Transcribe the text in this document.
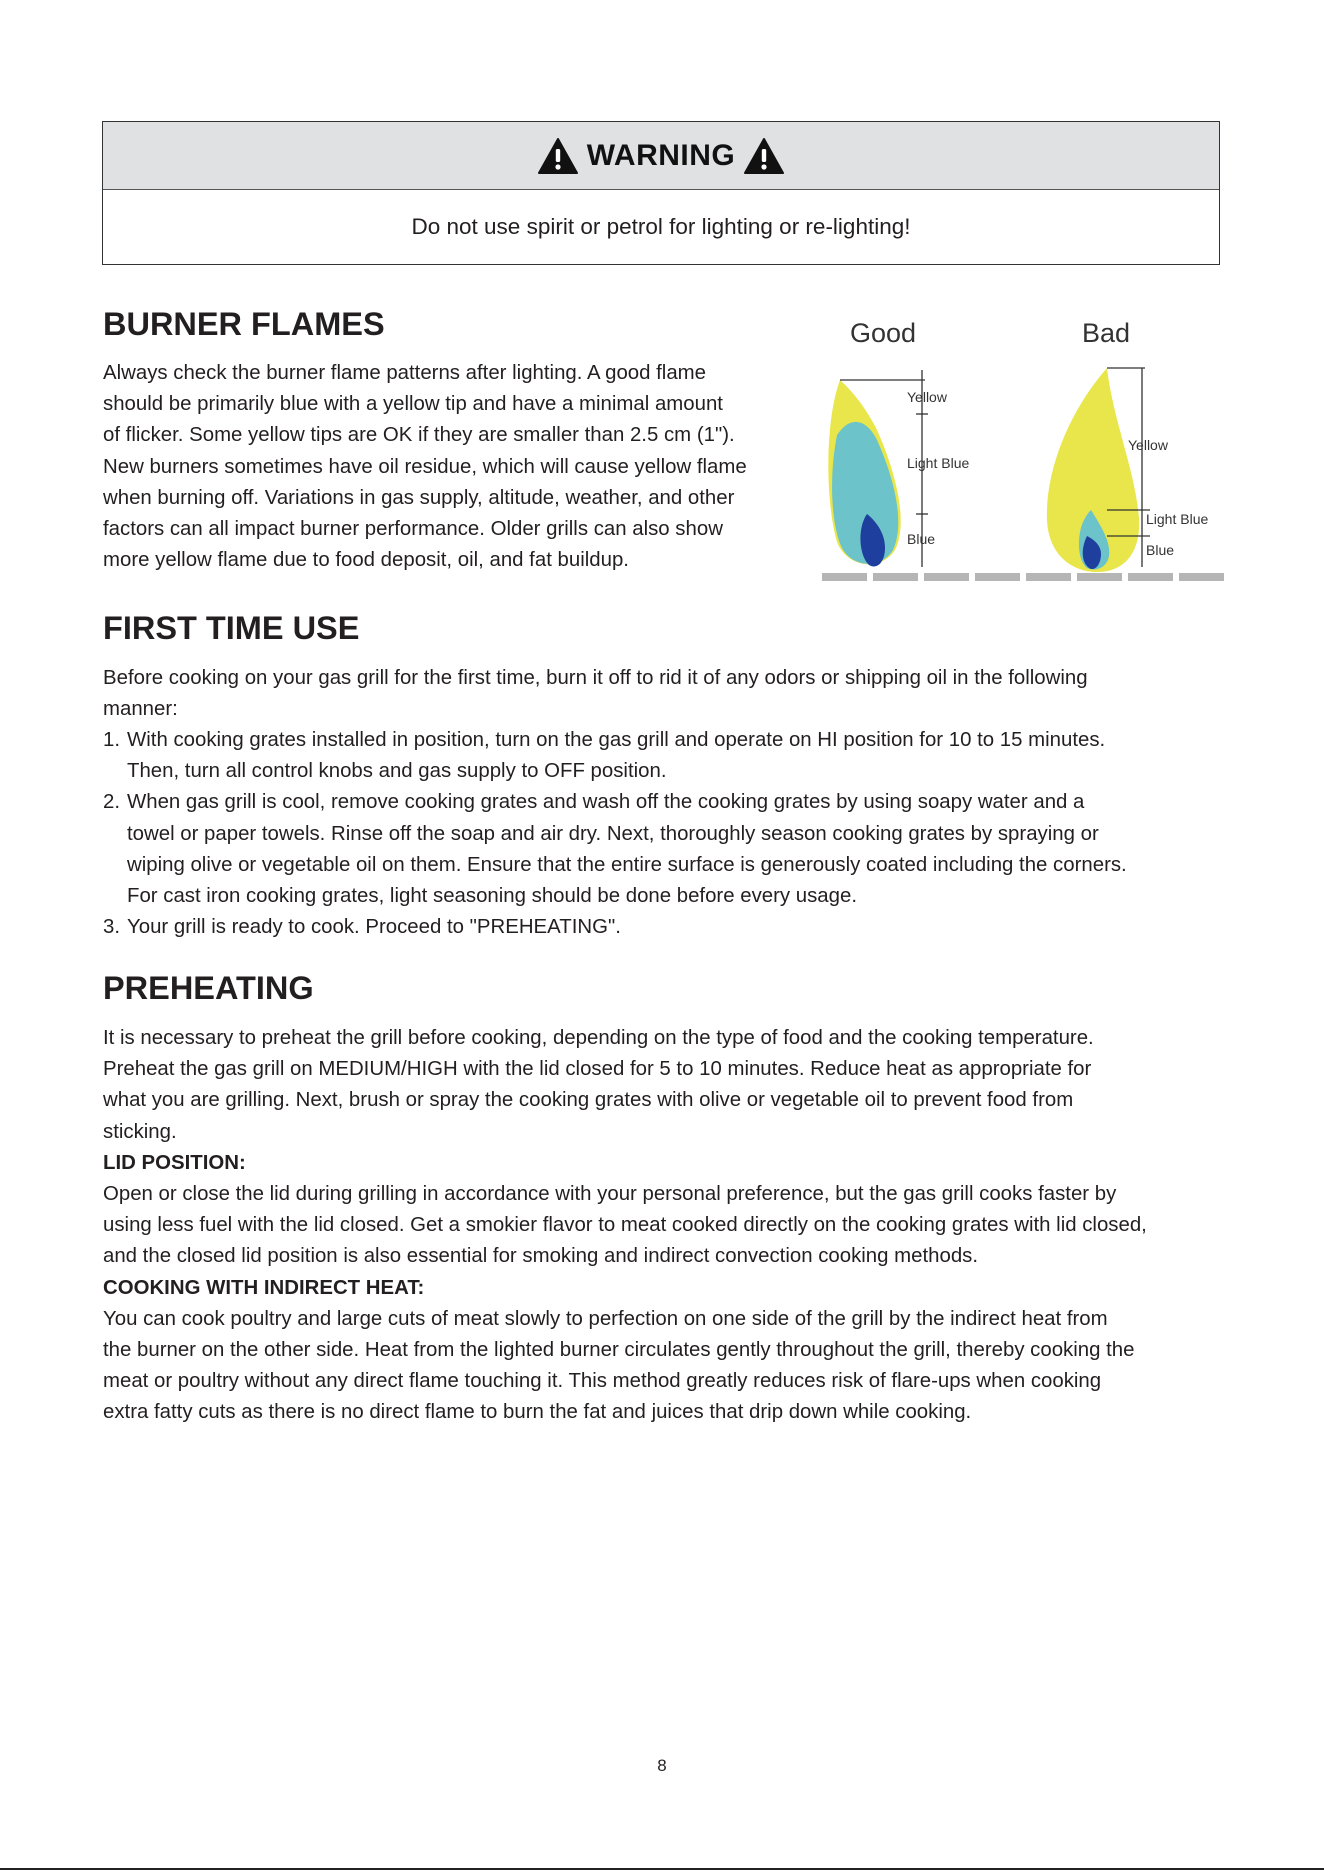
WARNING
Do not use spirit or petrol for lighting or re-lighting!
BURNER FLAMES
Always check the burner flame patterns after lighting. A good flame
should be primarily blue with a yellow tip and have a minimal amount
of flicker. Some yellow tips are OK if they are smaller than 2.5 cm (1").
New burners sometimes have oil residue, which will cause yellow flame
when burning off. Variations in gas supply, altitude, weather, and other
factors can all impact burner performance. Older grills can also show
more yellow flame due to food deposit, oil, and fat buildup.
Good	Bad
Yellow
Light Blue
Blue
Yellow
Light Blue
Blue
FIRST TIME USE
Before cooking on your gas grill for the first time, burn it off to rid it of any odors or shipping oil in the following
manner:
1. With cooking grates installed in position, turn on the gas grill and operate on HI position for 10 to 15 minutes.
Then, turn all control knobs and gas supply to OFF position.
2. When gas grill is cool, remove cooking grates and wash off the cooking grates by using soapy water and a
towel or paper towels. Rinse off the soap and air dry. Next, thoroughly season cooking grates by spraying or
wiping olive or vegetable oil on them. Ensure that the entire surface is generously coated including the corners.
For cast iron cooking grates, light seasoning should be done before every usage.
3. Your grill is ready to cook. Proceed to "PREHEATING".
PREHEATING
It is necessary to preheat the grill before cooking, depending on the type of food and the cooking temperature.
Preheat the gas grill on MEDIUM/HIGH with the lid closed for 5 to 10 minutes. Reduce heat as appropriate for
what you are grilling. Next, brush or spray the cooking grates with olive or vegetable oil to prevent food from
sticking.
LID POSITION:
Open or close the lid during grilling in accordance with your personal preference, but the gas grill cooks faster by
using less fuel with the lid closed. Get a smokier flavor to meat cooked directly on the cooking grates with lid closed,
and the closed lid position is also essential for smoking and indirect convection cooking methods.
COOKING WITH INDIRECT HEAT:
You can cook poultry and large cuts of meat slowly to perfection on one side of the grill by the indirect heat from
the burner on the other side. Heat from the lighted burner circulates gently throughout the grill, thereby cooking the
meat or poultry without any direct flame touching it. This method greatly reduces risk of flare-ups when cooking
extra fatty cuts as there is no direct flame to burn the fat and juices that drip down while cooking.
8
